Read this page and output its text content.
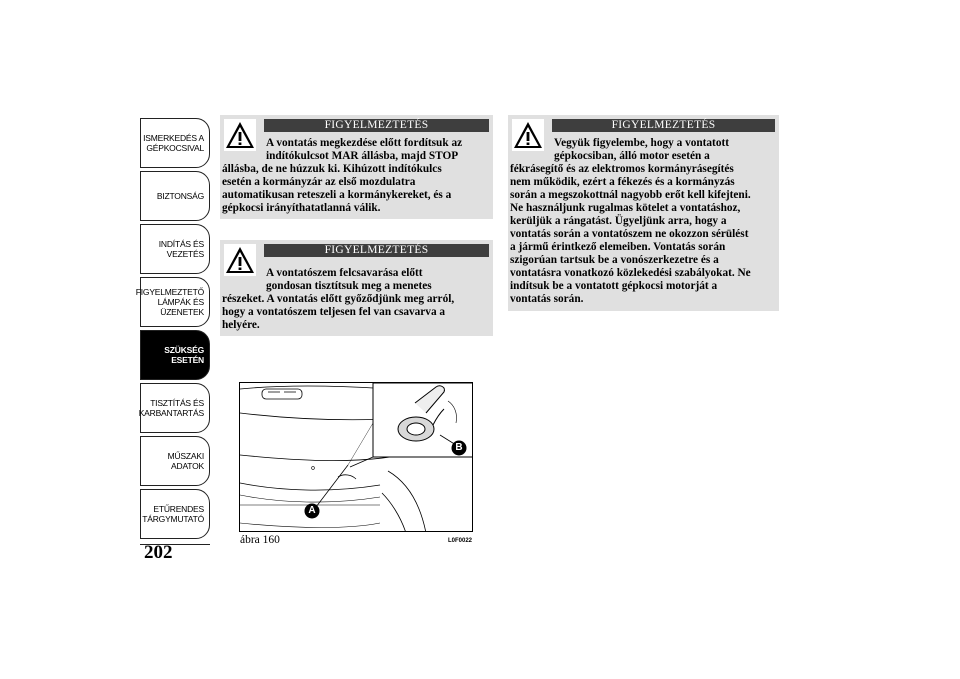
ISMERKEDÉS A
GÉPKOCSIVAL
BIZTONSÁG
INDÍTÁS ÉS
VEZETÉS
FIGYELMEZTETŐ
LÁMPÁK ÉS
ÜZENETEK
SZÜKSÉG ESETÉN
TISZTÍTÁS ÉS
KARBANTARTÁS
MŰSZAKI ADATOK
ETŰRENDES
TÁRGYMUTATÓ
202
FIGYELMEZTETÉS
A vontatás megkezdése előtt fordítsuk az
indítókulcsot MAR állásba, majd STOP
állásba, de ne húzzuk ki. Kihúzott indítókulcs
esetén a kormányzár az első mozdulatra
automatikusan reteszeli a kormánykereket, és a
gépkocsi irányíthatatlanná válik.
FIGYELMEZTETÉS
A vontatószem felcsavarása előtt
gondosan tisztítsuk meg a menetes
részeket. A vontatás előtt győződjünk meg arról,
hogy a vontatószem teljesen fel van csavarva a
helyére.
FIGYELMEZTETÉS
Vegyük figyelembe, hogy a vontatott
gépkocsiban, álló motor esetén a
fékrásegítő és az elektromos kormányrásegítés
nem működik, ezért a fékezés és a kormányzás
során a megszokottnál nagyobb erőt kell kifejteni.
Ne használjunk rugalmas kötelet a vontatáshoz,
kerüljük a rángatást. Ügyeljünk arra, hogy a
vontatás során a vontatószem ne okozzon sérülést
a jármű érintkező elemeiben. Vontatás során
szigorúan tartsuk be a vonószerkezetre és a
vontatásra vonatkozó közlekedési szabályokat. Ne
indítsuk be a vontatott gépkocsi motorját a
vontatás során.
A
B
ábra 160	L0F0022
